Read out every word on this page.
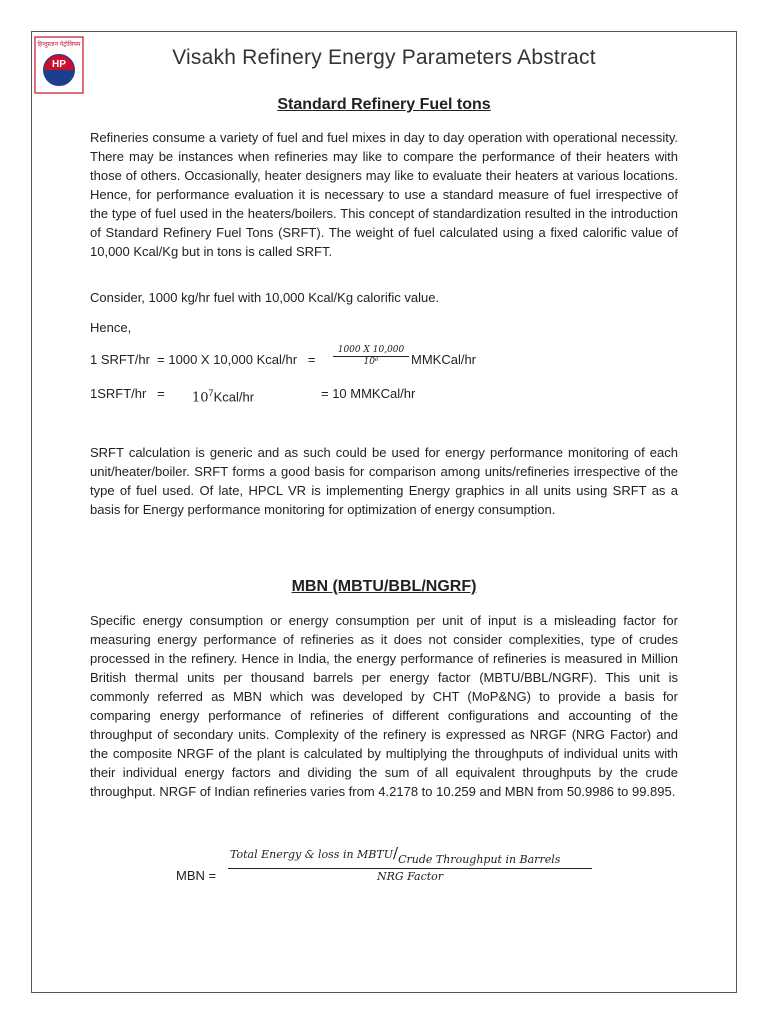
हिन्दुस्तान पेट्रोलियम
HP	Visakh Refinery Energy Parameters Abstract
Standard Refinery Fuel tons

Refineries consume a variety of fuel and fuel mixes in day to day operation with operational necessity. There may be instances when refineries may like to compare the performance of their heaters with those of others. Occasionally, heater designers may like to evaluate their heaters at various locations. Hence, for performance evaluation it is necessary to use a standard measure of fuel irrespective of the type of fuel used in the heaters/boilers. This concept of standardization resulted in the introduction of Standard Refinery Fuel Tons (SRFT). The weight of fuel calculated using a fixed calorific value of 10,000 Kcal/Kg but in tons is called SRFT.

Consider, 1000 kg/hr fuel with 10,000 Kcal/Kg calorific value.
Hence,
1 SRFT/hr  = 1000 X 10,000 Kcal/hr   =
1000 X 10,000
10⁶	MMKCal/hr
1SRFT/hr   = $10^7Kcal/hr$	= 10 MMKCal/hr

SRFT calculation is generic and as such could be used for energy performance monitoring of each unit/heater/boiler. SRFT forms a good basis for comparison among units/refineries irrespective of the type of fuel used. Of late, HPCL VR is implementing Energy graphics in all units using SRFT as a basis for Energy performance monitoring for optimization of energy consumption.

MBN (MBTU/BBL/NGRF)

Specific energy consumption or energy consumption per unit of input is a misleading factor for measuring energy performance of refineries as it does not consider complexities, type of crudes processed in the refinery. Hence in India, the energy performance of refineries is measured in Million British thermal units per thousand barrels per energy factor (MBTU/BBL/NGRF). This unit is commonly referred as MBN which was developed by CHT (MoP&NG) to provide a basis for comparing energy performance of refineries of different configurations and accounting of the throughput of secondary units. Complexity of the refinery is expressed as NRGF (NRG Factor) and the composite NRGF of the plant is calculated by multiplying the throughputs of individual units with their individual energy factors and dividing the sum of all equivalent throughputs by the crude throughput. NRGF of Indian refineries varies from 4.2178 to 10.259 and MBN from 50.9986 to 99.895.

MBN =
Total Energy & loss in MBTU/Crude Throughput in Barrels
NRG Factor
